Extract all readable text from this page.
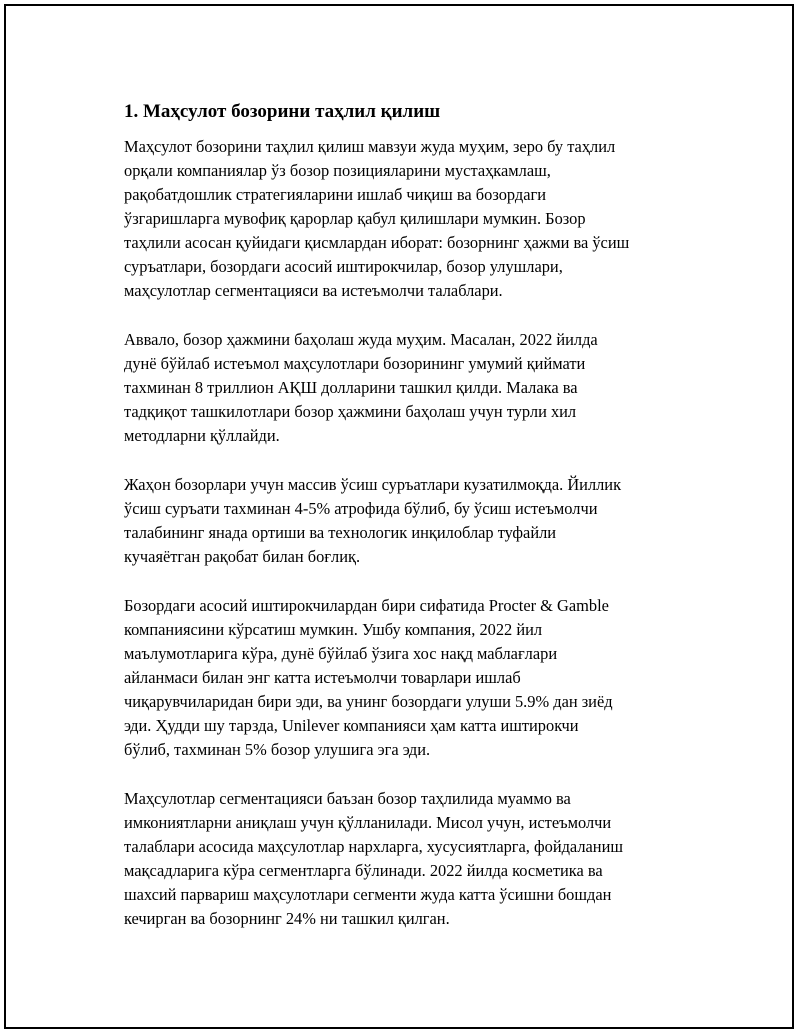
1. Маҳсулот бозорини таҳлил қилиш

Маҳсулот бозорини таҳлил қилиш мавзуи жуда муҳим, зеро бу таҳлил
орқали компаниялар ўз бозор позицияларини мустаҳкамлаш,
рақобатдошлик стратегияларини ишлаб чиқиш ва бозордаги
ўзгаришларга мувофиқ қарорлар қабул қилишлари мумкин. Бозор
таҳлили асосан қуйидаги қисмлардан иборат: бозорнинг ҳажми ва ўсиш
суръатлари, бозордаги асосий иштирокчилар, бозор улушлари,
маҳсулотлар сегментацияси ва истеъмолчи талаблари.

Аввало, бозор ҳажмини баҳолаш жуда муҳим. Масалан, 2022 йилда
дунё бўйлаб истеъмол маҳсулотлари бозорининг умумий қиймати
тахминан 8 триллион АҚШ долларини ташкил қилди. Малака ва
тадқиқот ташкилотлари бозор ҳажмини баҳолаш учун турли хил
методларни қўллайди.

Жаҳон бозорлари учун массив ўсиш суръатлари кузатилмоқда. Йиллик
ўсиш суръати тахминан 4-5% атрофида бўлиб, бу ўсиш истеъмолчи
талабининг янада ортиши ва технологик инқилоблар туфайли
кучаяётган рақобат билан боғлиқ.

Бозордаги асосий иштирокчилардан бири сифатида Procter & Gamble
компаниясини кўрсатиш мумкин. Ушбу компания, 2022 йил
маълумотларига кўра, дунё бўйлаб ўзига хос нақд маблағлари
айланмаси билан энг катта истеъмолчи товарлари ишлаб
чиқарувчиларидан бири эди, ва унинг бозордаги улуши 5.9% дан зиёд
эди. Ҳудди шу тарзда, Unilever компанияси ҳам катта иштирокчи
бўлиб, тахминан 5% бозор улушига эга эди.

Маҳсулотлар сегментацияси баъзан бозор таҳлилида муаммо ва
имкониятларни аниқлаш учун қўлланилади. Мисол учун, истеъмолчи
талаблари асосида маҳсулотлар нархларга, хусусиятларга, фойдаланиш
мақсадларига кўра сегментларга бўлинади. 2022 йилда косметика ва
шахсий парвариш маҳсулотлари сегменти жуда катта ўсишни бошдан
кечирган ва бозорнинг 24% ни ташкил қилган.
